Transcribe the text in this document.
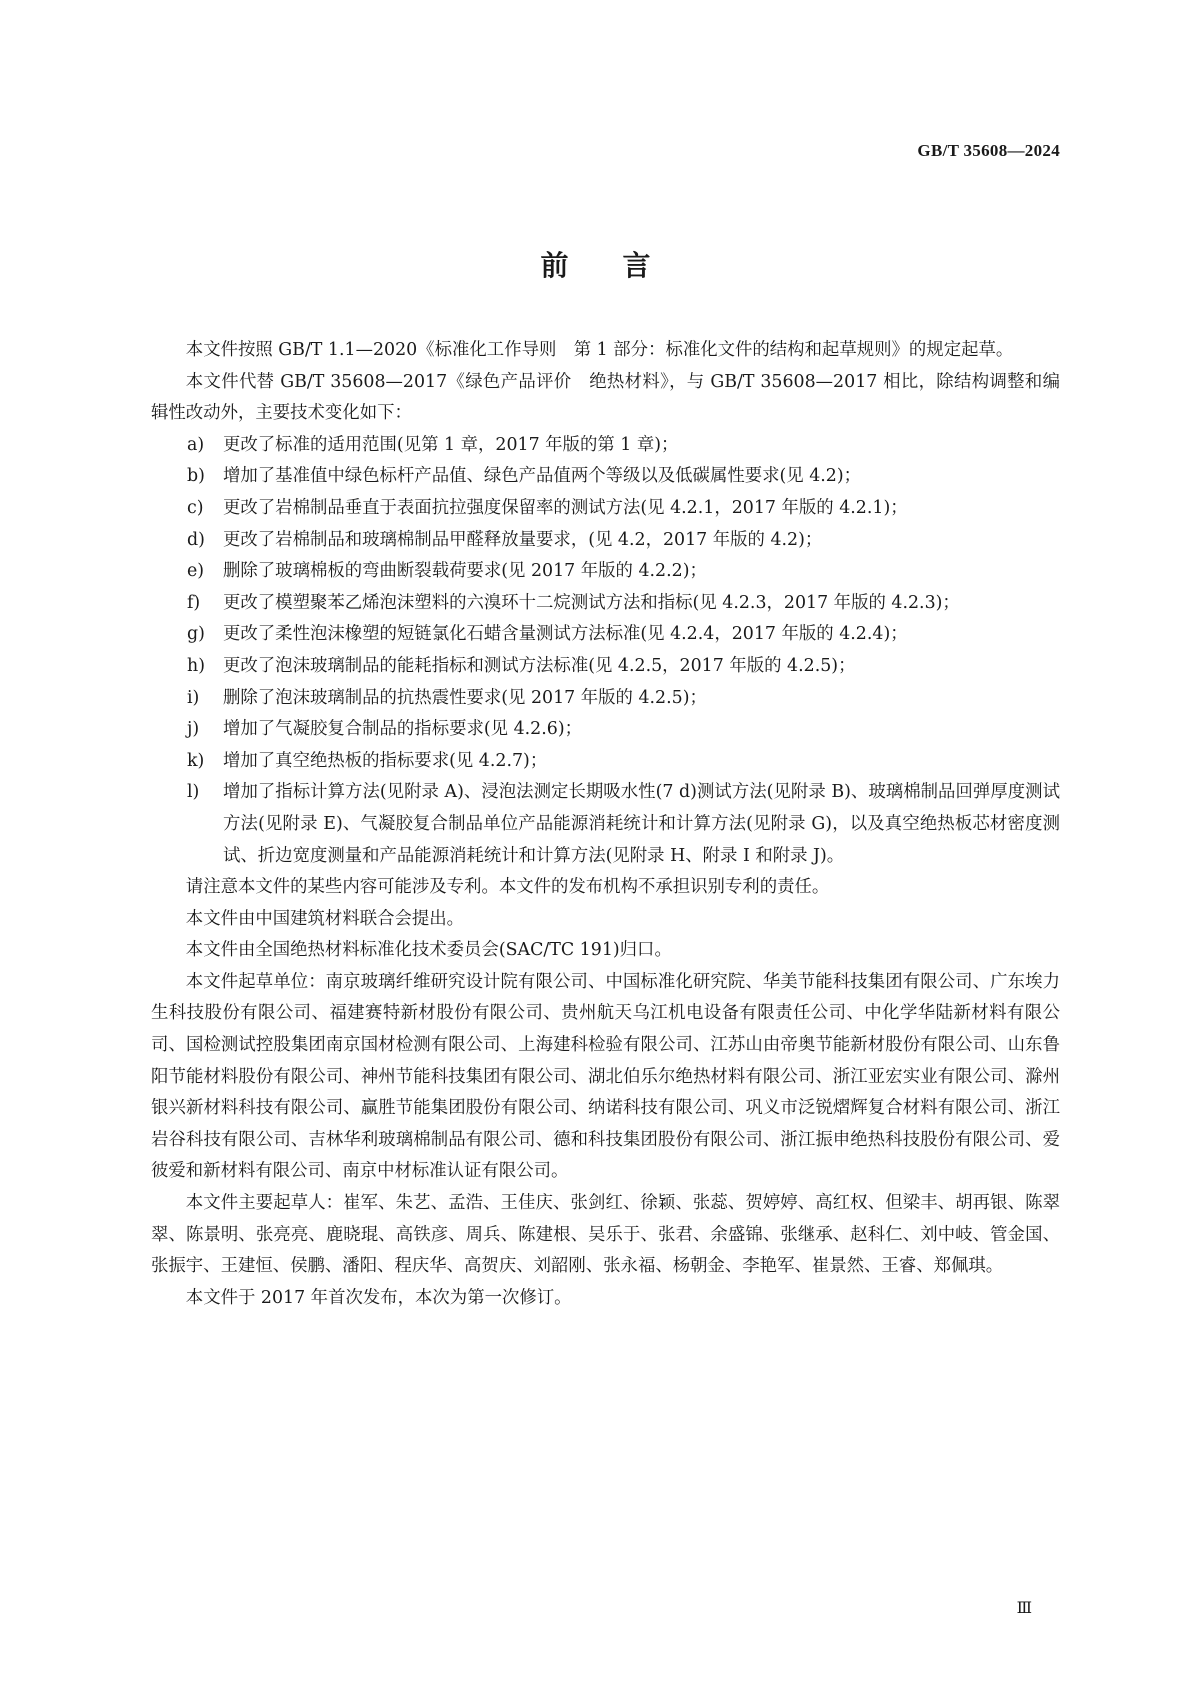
GB/T 35608—2024
前言

本文件按照 GB/T 1.1—2020《标准化工作导则　第 1 部分：标准化文件的结构和起草规则》的规定起草。

本文件代替 GB/T 35608—2017《绿色产品评价　绝热材料》，与 GB/T 35608—2017 相比，除结构调整和编辑性改动外，主要技术变化如下：

a) 更改了标准的适用范围(见第 1 章，2017 年版的第 1 章)；
b) 增加了基准值中绿色标杆产品值、绿色产品值两个等级以及低碳属性要求(见 4.2)；
c) 更改了岩棉制品垂直于表面抗拉强度保留率的测试方法(见 4.2.1，2017 年版的 4.2.1)；
d) 更改了岩棉制品和玻璃棉制品甲醛释放量要求，(见 4.2，2017 年版的 4.2)；
e) 删除了玻璃棉板的弯曲断裂载荷要求(见 2017 年版的 4.2.2)；
f) 更改了模塑聚苯乙烯泡沫塑料的六溴环十二烷测试方法和指标(见 4.2.3，2017 年版的 4.2.3)；
g) 更改了柔性泡沫橡塑的短链氯化石蜡含量测试方法标准(见 4.2.4，2017 年版的 4.2.4)；
h) 更改了泡沫玻璃制品的能耗指标和测试方法标准(见 4.2.5，2017 年版的 4.2.5)；
i) 删除了泡沫玻璃制品的抗热震性要求(见 2017 年版的 4.2.5)；
j) 增加了气凝胶复合制品的指标要求(见 4.2.6)；
k) 增加了真空绝热板的指标要求(见 4.2.7)；
l) 增加了指标计算方法(见附录 A)、浸泡法测定长期吸水性(7 d)测试方法(见附录 B)、玻璃棉制品回弹厚度测试方法(见附录 E)、气凝胶复合制品单位产品能源消耗统计和计算方法(见附录 G)，以及真空绝热板芯材密度测试、折边宽度测量和产品能源消耗统计和计算方法(见附录 H、附录 I 和附录 J)。

请注意本文件的某些内容可能涉及专利。本文件的发布机构不承担识别专利的责任。

本文件由中国建筑材料联合会提出。

本文件由全国绝热材料标准化技术委员会(SAC/TC 191)归口。

本文件起草单位：南京玻璃纤维研究设计院有限公司、中国标准化研究院、华美节能科技集团有限公司、广东埃力生科技股份有限公司、福建赛特新材股份有限公司、贵州航天乌江机电设备有限责任公司、中化学华陆新材料有限公司、国检测试控股集团南京国材检测有限公司、上海建科检验有限公司、江苏山由帝奥节能新材股份有限公司、山东鲁阳节能材料股份有限公司、神州节能科技集团有限公司、湖北伯乐尔绝热材料有限公司、浙江亚宏实业有限公司、滁州银兴新材料科技有限公司、赢胜节能集团股份有限公司、纳诺科技有限公司、巩义市泛锐熠辉复合材料有限公司、浙江岩谷科技有限公司、吉林华利玻璃棉制品有限公司、德和科技集团股份有限公司、浙江振申绝热科技股份有限公司、爱彼爱和新材料有限公司、南京中材标准认证有限公司。

本文件主要起草人：崔军、朱艺、孟浩、王佳庆、张剑红、徐颖、张蕊、贺婷婷、高红权、但梁丰、胡再银、陈翠翠、陈景明、张亮亮、鹿晓琨、高铁彦、周兵、陈建根、吴乐于、张君、余盛锦、张继承、赵科仁、刘中岐、管金国、张振宇、王建恒、侯鹏、潘阳、程庆华、高贺庆、刘韶刚、张永福、杨朝金、李艳军、崔景然、王睿、郑佩琪。

本文件于 2017 年首次发布，本次为第一次修订。

Ⅲ
